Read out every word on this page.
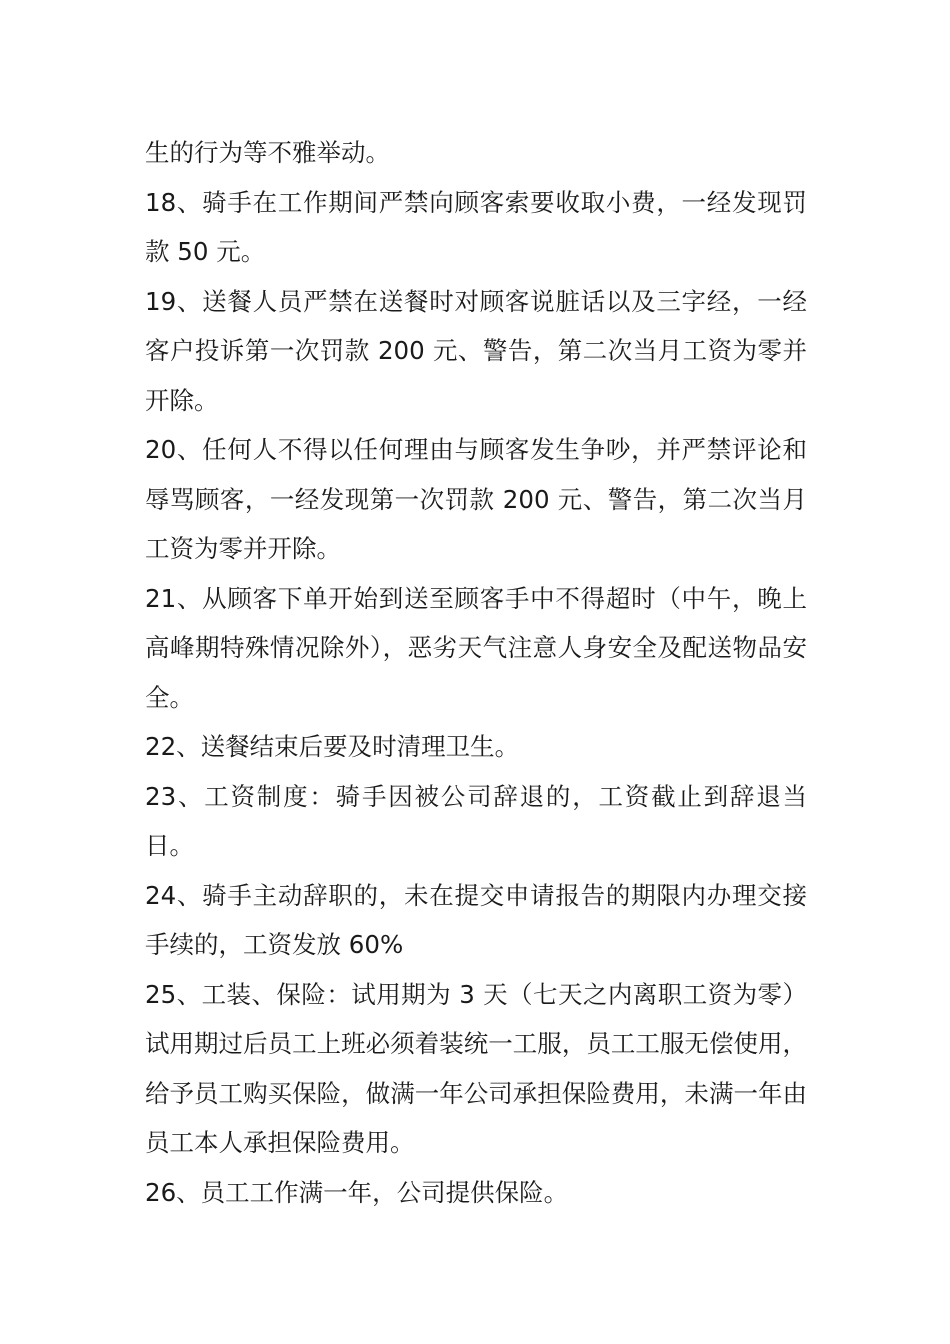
生的行为等不雅举动。

18、骑手在工作期间严禁向顾客索要收取小费，一经发现罚款 50 元。

19、送餐人员严禁在送餐时对顾客说脏话以及三字经，一经客户投诉第一次罚款 200 元、警告，第二次当月工资为零并开除。

20、任何人不得以任何理由与顾客发生争吵，并严禁评论和辱骂顾客，一经发现第一次罚款 200 元、警告，第二次当月工资为零并开除。

21、从顾客下单开始到送至顾客手中不得超时（中午，晚上高峰期特殊情况除外），恶劣天气注意人身安全及配送物品安全。

22、送餐结束后要及时清理卫生。

23、工资制度：骑手因被公司辞退的，工资截止到辞退当日。

24、骑手主动辞职的，未在提交申请报告的期限内办理交接手续的，工资发放 60%

25、工装、保险：试用期为 3 天（七天之内离职工资为零）试用期过后员工上班必须着装统一工服，员工工服无偿使用，给予员工购买保险，做满一年公司承担保险费用，未满一年由员工本人承担保险费用。

26、员工工作满一年，公司提供保险。
